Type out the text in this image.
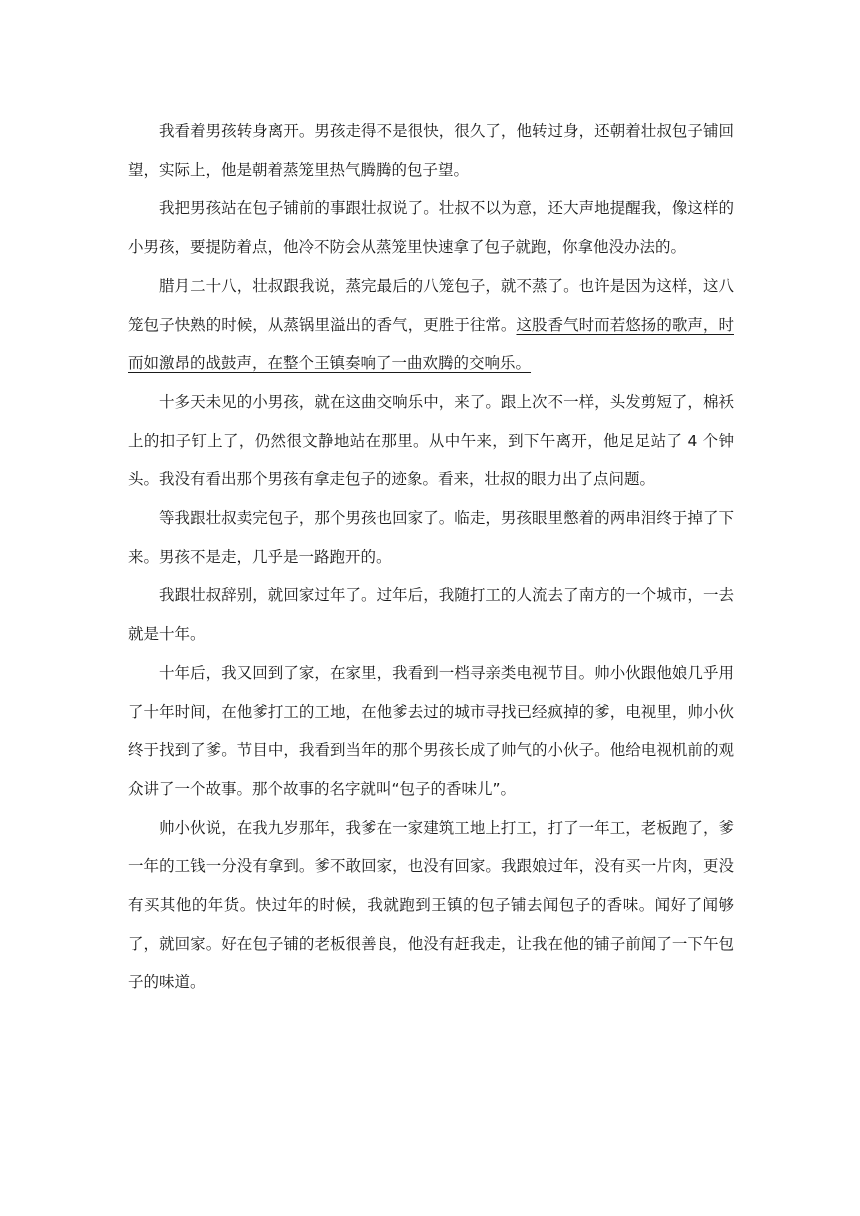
我看着男孩转身离开。男孩走得不是很快，很久了，他转过身，还朝着壮叔包子铺回望，实际上，他是朝着蒸笼里热气腾腾的包子望。

我把男孩站在包子铺前的事跟壮叔说了。壮叔不以为意，还大声地提醒我，像这样的小男孩，要提防着点，他冷不防会从蒸笼里快速拿了包子就跑，你拿他没办法的。

腊月二十八，壮叔跟我说，蒸完最后的八笼包子，就不蒸了。也许是因为这样，这八笼包子快熟的时候，从蒸锅里溢出的香气，更胜于往常。这股香气时而若悠扬的歌声，时而如激昂的战鼓声，在整个王镇奏响了一曲欢腾的交响乐。

十多天未见的小男孩，就在这曲交响乐中，来了。跟上次不一样，头发剪短了，棉袄上的扣子钉上了，仍然很文静地站在那里。从中午来，到下午离开，他足足站了 4 个钟头。我没有看出那个男孩有拿走包子的迹象。看来，壮叔的眼力出了点问题。

等我跟壮叔卖完包子，那个男孩也回家了。临走，男孩眼里憋着的两串泪终于掉了下来。男孩不是走，几乎是一路跑开的。

我跟壮叔辞别，就回家过年了。过年后，我随打工的人流去了南方的一个城市，一去就是十年。

十年后，我又回到了家，在家里，我看到一档寻亲类电视节目。帅小伙跟他娘几乎用了十年时间，在他爹打工的工地，在他爹去过的城市寻找已经疯掉的爹，电视里，帅小伙终于找到了爹。节目中，我看到当年的那个男孩长成了帅气的小伙子。他给电视机前的观众讲了一个故事。那个故事的名字就叫“包子的香味儿”。

帅小伙说，在我九岁那年，我爹在一家建筑工地上打工，打了一年工，老板跑了，爹一年的工钱一分没有拿到。爹不敢回家，也没有回家。我跟娘过年，没有买一片肉，更没有买其他的年货。快过年的时候，我就跑到王镇的包子铺去闻包子的香味。闻好了闻够了，就回家。好在包子铺的老板很善良，他没有赶我走，让我在他的铺子前闻了一下午包子的味道。
